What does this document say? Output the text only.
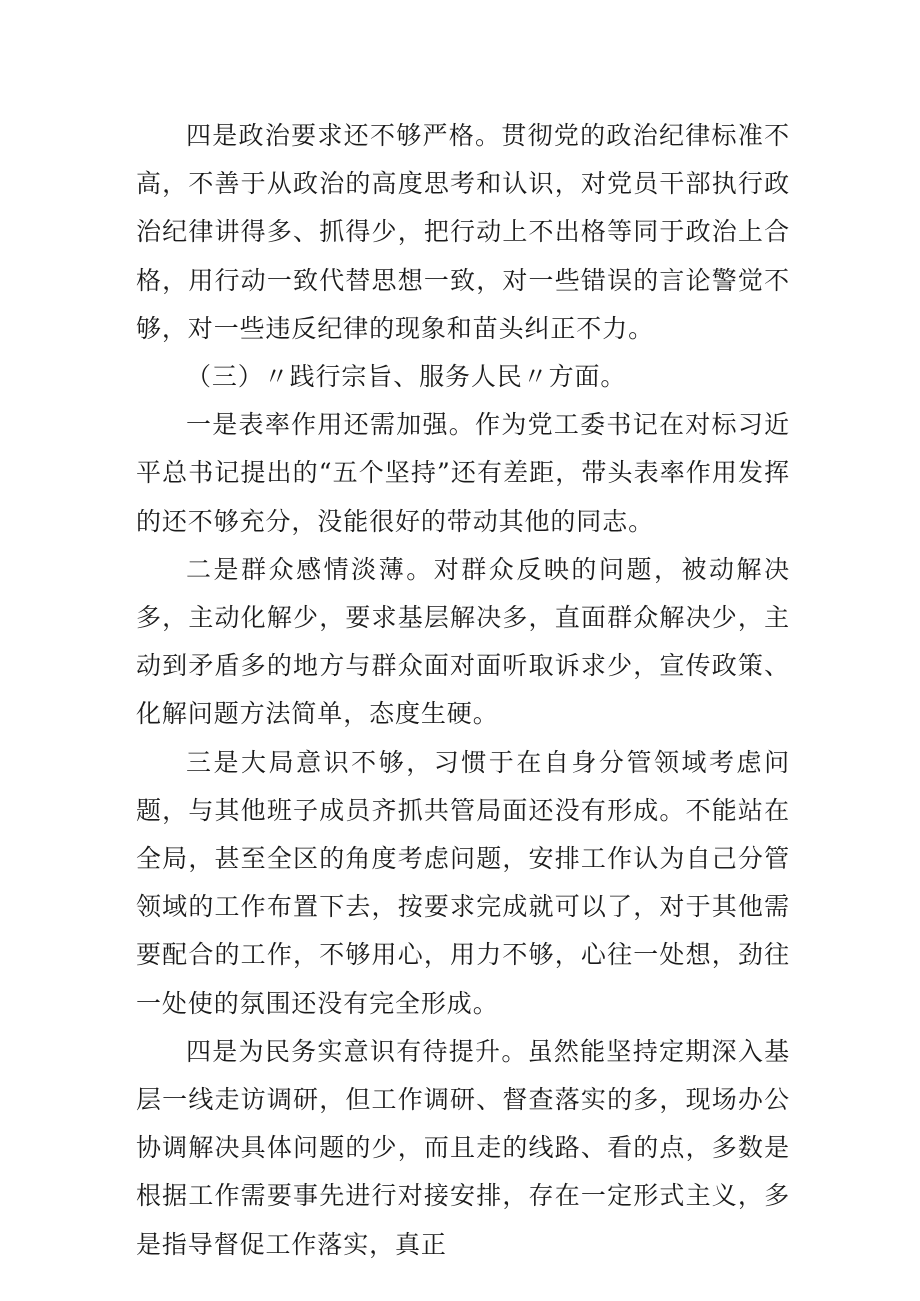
四是政治要求还不够严格。贯彻党的政治纪律标准不高，不善于从政治的高度思考和认识，对党员干部执行政治纪律讲得多、抓得少，把行动上不出格等同于政治上合格，用行动一致代替思想一致，对一些错误的言论警觉不够，对一些违反纪律的现象和苗头纠正不力。

（三）〃践行宗旨、服务人民〃方面。

一是表率作用还需加强。作为党工委书记在对标习近平总书记提出的“五个坚持”还有差距，带头表率作用发挥的还不够充分，没能很好的带动其他的同志。

二是群众感情淡薄。对群众反映的问题，被动解决多，主动化解少，要求基层解决多，直面群众解决少，主动到矛盾多的地方与群众面对面听取诉求少，宣传政策、化解问题方法简单，态度生硬。

三是大局意识不够，习惯于在自身分管领域考虑问题，与其他班子成员齐抓共管局面还没有形成。不能站在全局，甚至全区的角度考虑问题，安排工作认为自己分管领域的工作布置下去，按要求完成就可以了，对于其他需要配合的工作，不够用心，用力不够，心往一处想，劲往一处使的氛围还没有完全形成。

四是为民务实意识有待提升。虽然能坚持定期深入基层一线走访调研，但工作调研、督查落实的多，现场办公协调解决具体问题的少，而且走的线路、看的点，多数是根据工作需要事先进行对接安排，存在一定形式主义，多是指导督促工作落实，真正
